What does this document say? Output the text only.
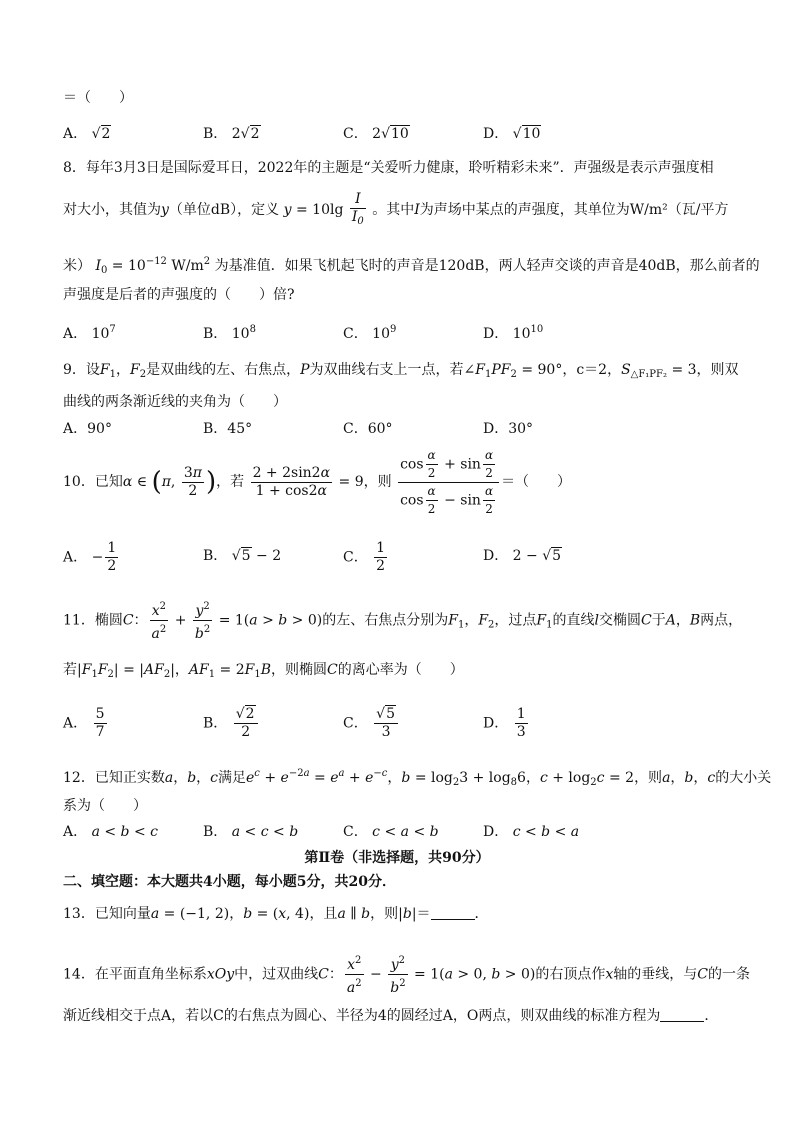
＝（　　）
A． √2	B． 2√2	C． 2√10	D． √10
8．每年3月3日是国际爱耳日，2022年的主题是“关爱听力健康，聆听精彩未来”．声强级是表示声强度相
对大小，其值为y（单位dB），定义 $y = 10\lg \frac{I}{I_0}$ 。其中I为声场中某点的声强度，其单位为W/m²（瓦/平方
米） $I_0 = 10^{-12}$ $W/m^2$ 为基准值．如果飞机起飞时的声音是120dB，两人轻声交谈的声音是40dB，那么前者的
声强度是后者的声强度的（　　）倍?
A． $10^7$	B． $10^8$	C． $10^9$	D． $10^{10}$
9．设$F_1$，$F_2$是双曲线的左、右焦点，P为双曲线右支上一点，若$\angle F_1PF_2 = 90^\circ$，c＝2，$S_{\triangle F_1PF_2} = 3$，则双
曲线的两条渐近线的夹角为（　　）
A．90°	B．45°	C．60°	D．30°
10．已知α ∈ (π, $\frac{3\pi}{2}$ )，若 $\frac{2 + 2\sin 2\alpha}{1 + \cos 2\alpha} = 9$，则 $\frac{\cos \frac{\alpha}{2} + \sin \frac{\alpha}{2}}{\cos \frac{\alpha}{2} - \sin \frac{\alpha}{2}}$ ＝（　　）
A． − $\frac{1}{2}$	B． √5 − 2	C． $\frac{1}{2}$	D． 2 − √5
11．椭圆C： $\frac{x^2}{a^2} + \frac{y^2}{b^2} = 1(a > b > 0)$的左、右焦点分别为$F_1$，$F_2$，过点$F_1$的直线l交椭圆C于A，B两点，
若$|F_1F_2| = |AF_2|$，$AF_1 = 2F_1B$，则椭圆C的离心率为（　　）
A． $\frac{5}{7}$	B． $\frac{√2}{2}$	C． $\frac{√5}{3}$	D． $\frac{1}{3}$
12．已知正实数a，b，c满足$e^c + e^{-2a} = e^a + e^{-c}$，$b = \log_23 + \log_86$，$c + \log_2c = 2$，则a，b，c的大小关
系为（　　）
A． a < b < c	B． a < c < b	C． c < a < b	D． c < b < a
第Ⅱ卷（非选择题，共90分）
二、填空题：本大题共4小题，每小题5分，共20分．
13．已知向量a = (−1, 2)，b = (x, 4)，且a ∥ b，则|b|＝	．
14．在平面直角坐标系xOy中，过双曲线C： $\frac{x^2}{a^2} - \frac{y^2}{b^2} = 1(a > 0$, b > 0)的右顶点作x轴的垂线，与C的一条
渐近线相交于点A，若以C的右焦点为圆心、半径为4的圆经过A，O两点，则双曲线的标准方程为	．
